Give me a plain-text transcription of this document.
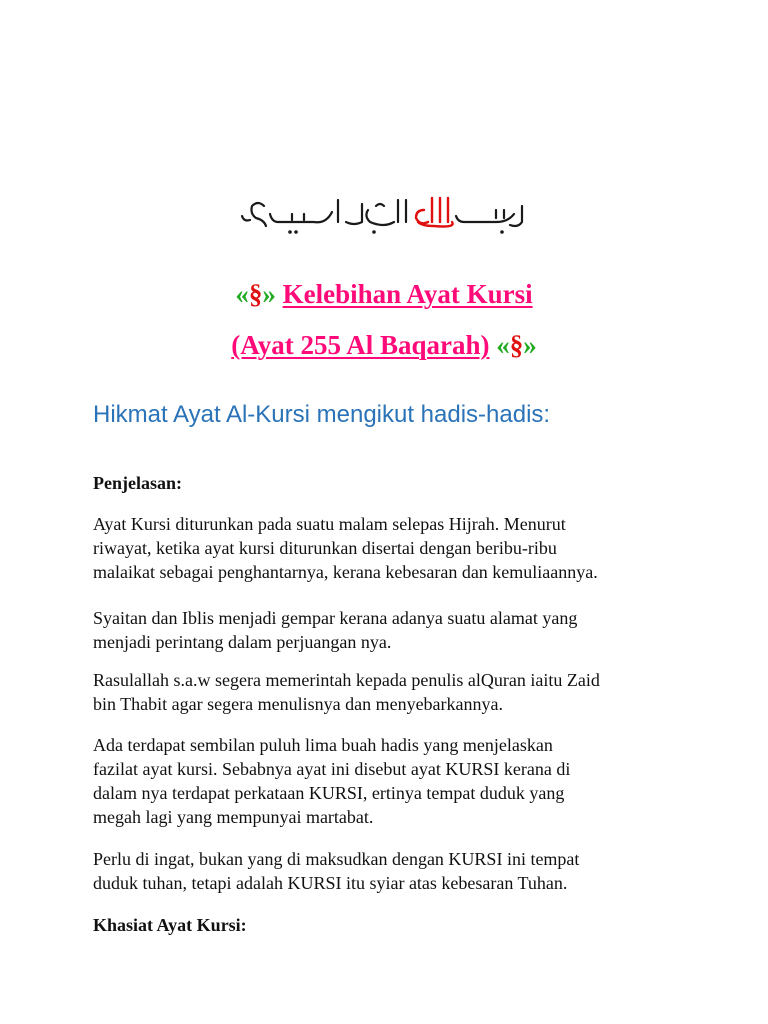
«§» Kelebihan Ayat Kursi
(Ayat 255 Al Baqarah) «§»
Hikmat Ayat Al-Kursi mengikut hadis-hadis:
Penjelasan:
Ayat Kursi diturunkan pada suatu malam selepas Hijrah. Menurut
riwayat, ketika ayat kursi diturunkan disertai dengan beribu-ribu
malaikat sebagai penghantarnya, kerana kebesaran dan kemuliaannya.
Syaitan dan Iblis menjadi gempar kerana adanya suatu alamat yang
menjadi perintang dalam perjuangan nya.
Rasulallah s.a.w segera memerintah kepada penulis alQuran iaitu Zaid
bin Thabit agar segera menulisnya dan menyebarkannya.
Ada terdapat sembilan puluh lima buah hadis yang menjelaskan
fazilat ayat kursi. Sebabnya ayat ini disebut ayat KURSI kerana di
dalam nya terdapat perkataan KURSI, ertinya tempat duduk yang
megah lagi yang mempunyai martabat.
Perlu di ingat, bukan yang di maksudkan dengan KURSI ini tempat
duduk tuhan, tetapi adalah KURSI itu syiar atas kebesaran Tuhan.
Khasiat Ayat Kursi:
